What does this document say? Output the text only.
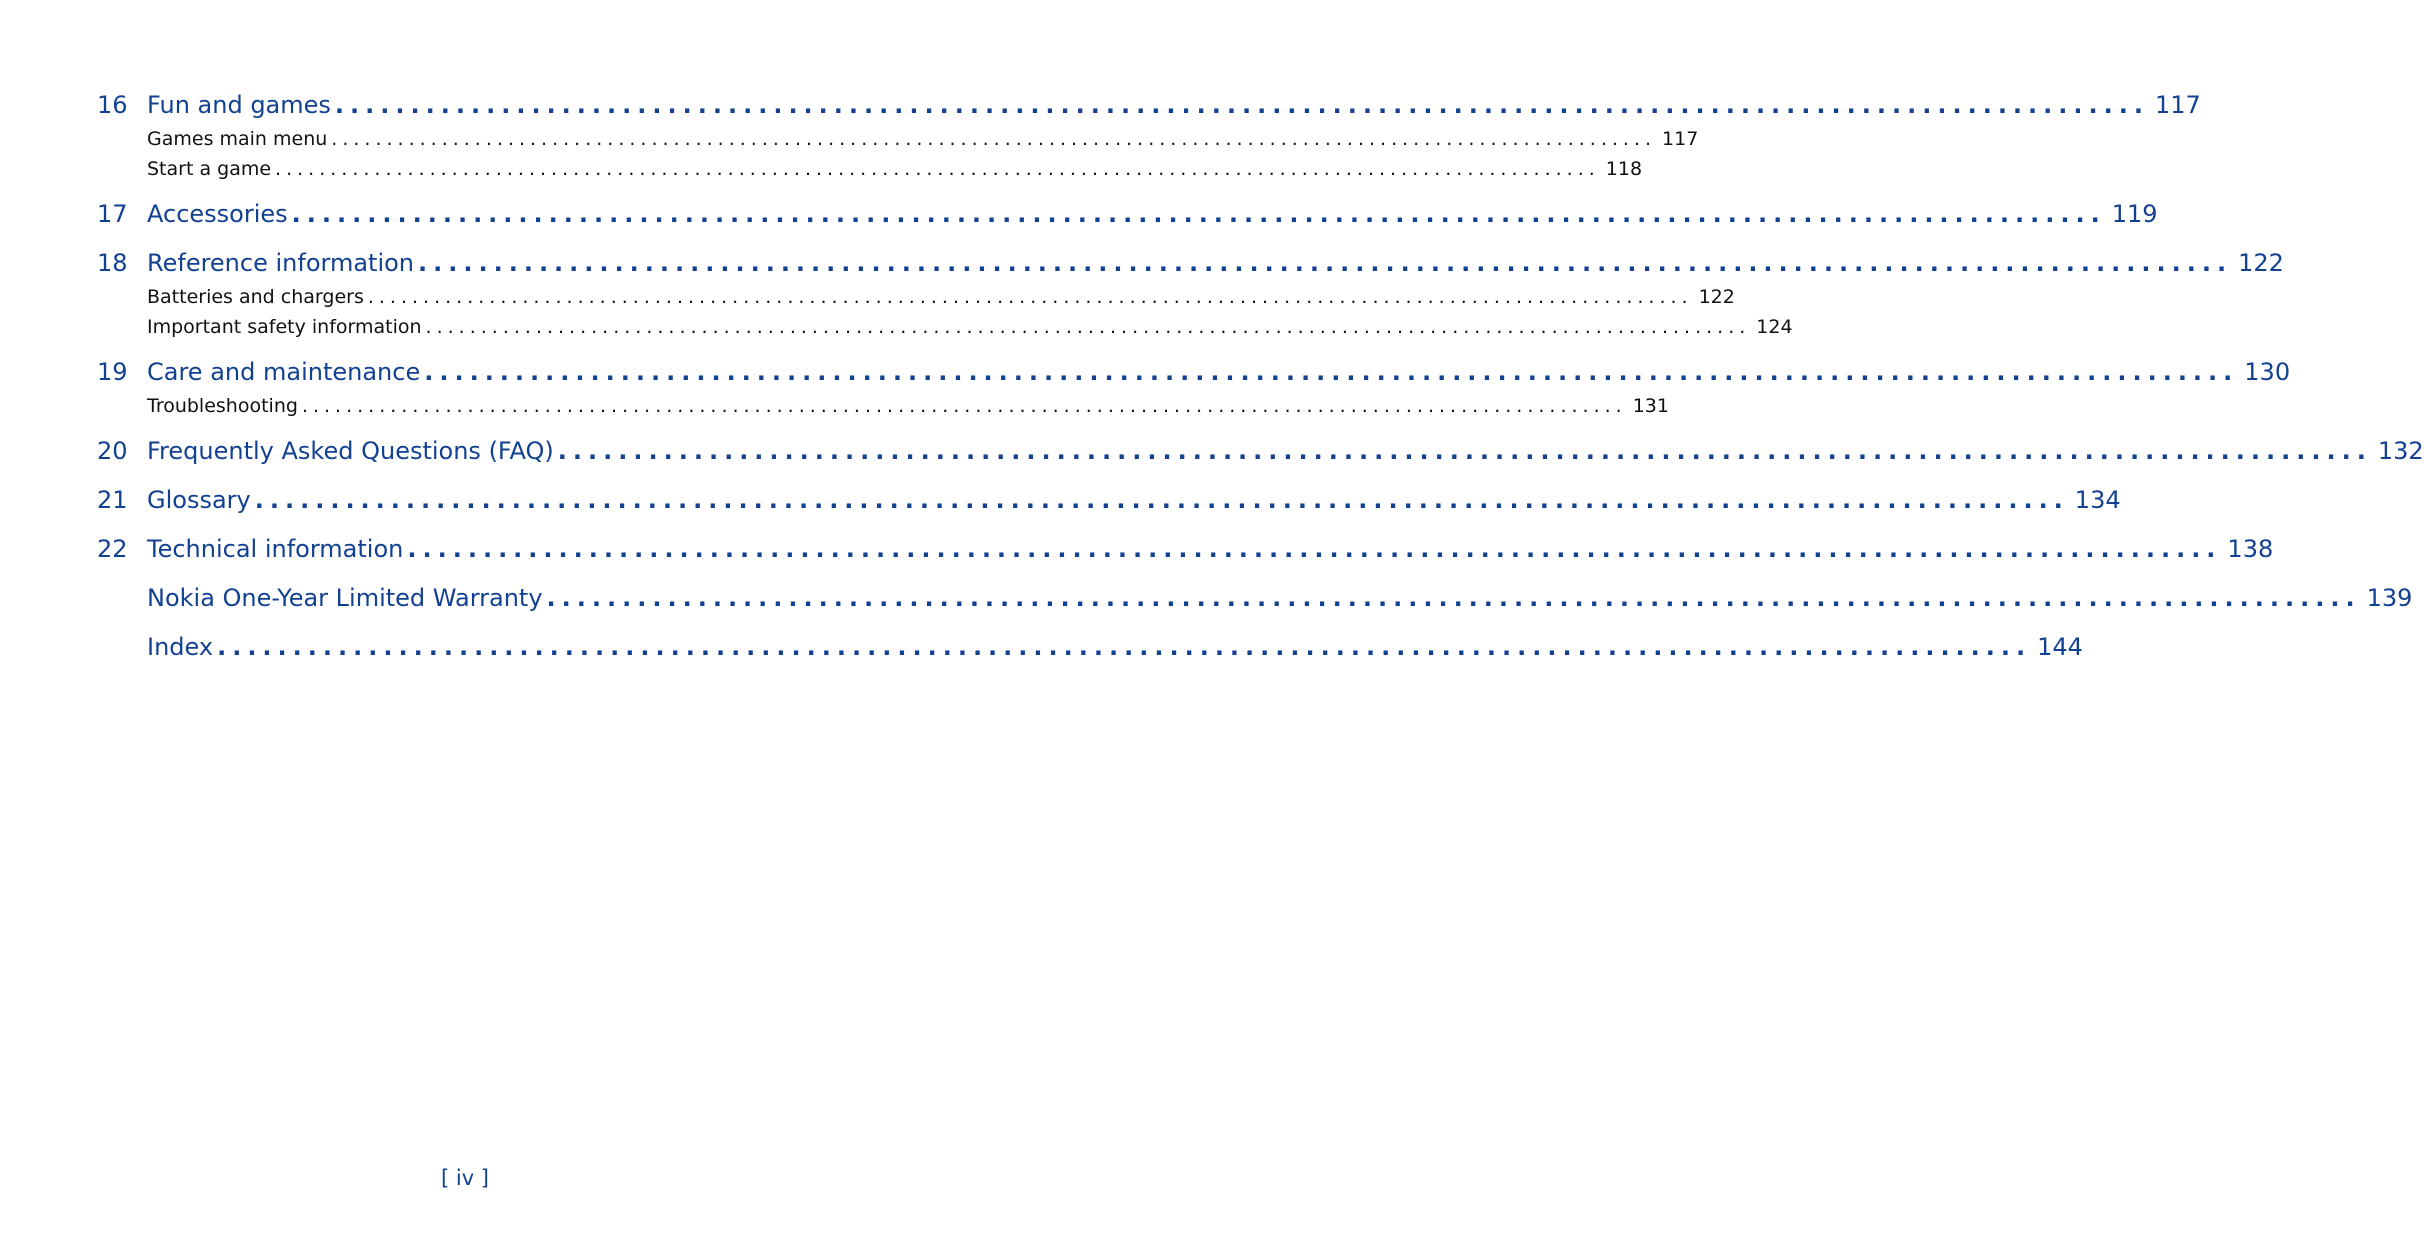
16 Fun and games ........................................................................................................................ 117
Games main menu ........................................................................................................................ 117
Start a game ........................................................................................................................ 118
17 Accessories ........................................................................................................................ 119
18 Reference information ........................................................................................................................ 122
Batteries and chargers ........................................................................................................................ 122
Important safety information ........................................................................................................................ 124
19 Care and maintenance ........................................................................................................................ 130
Troubleshooting ........................................................................................................................ 131
20 Frequently Asked Questions (FAQ) ........................................................................................................................ 132
21 Glossary ........................................................................................................................ 134
22 Technical information ........................................................................................................................ 138
Nokia One-Year Limited Warranty ........................................................................................................................ 139
Index ........................................................................................................................ 144
[ iv ]
